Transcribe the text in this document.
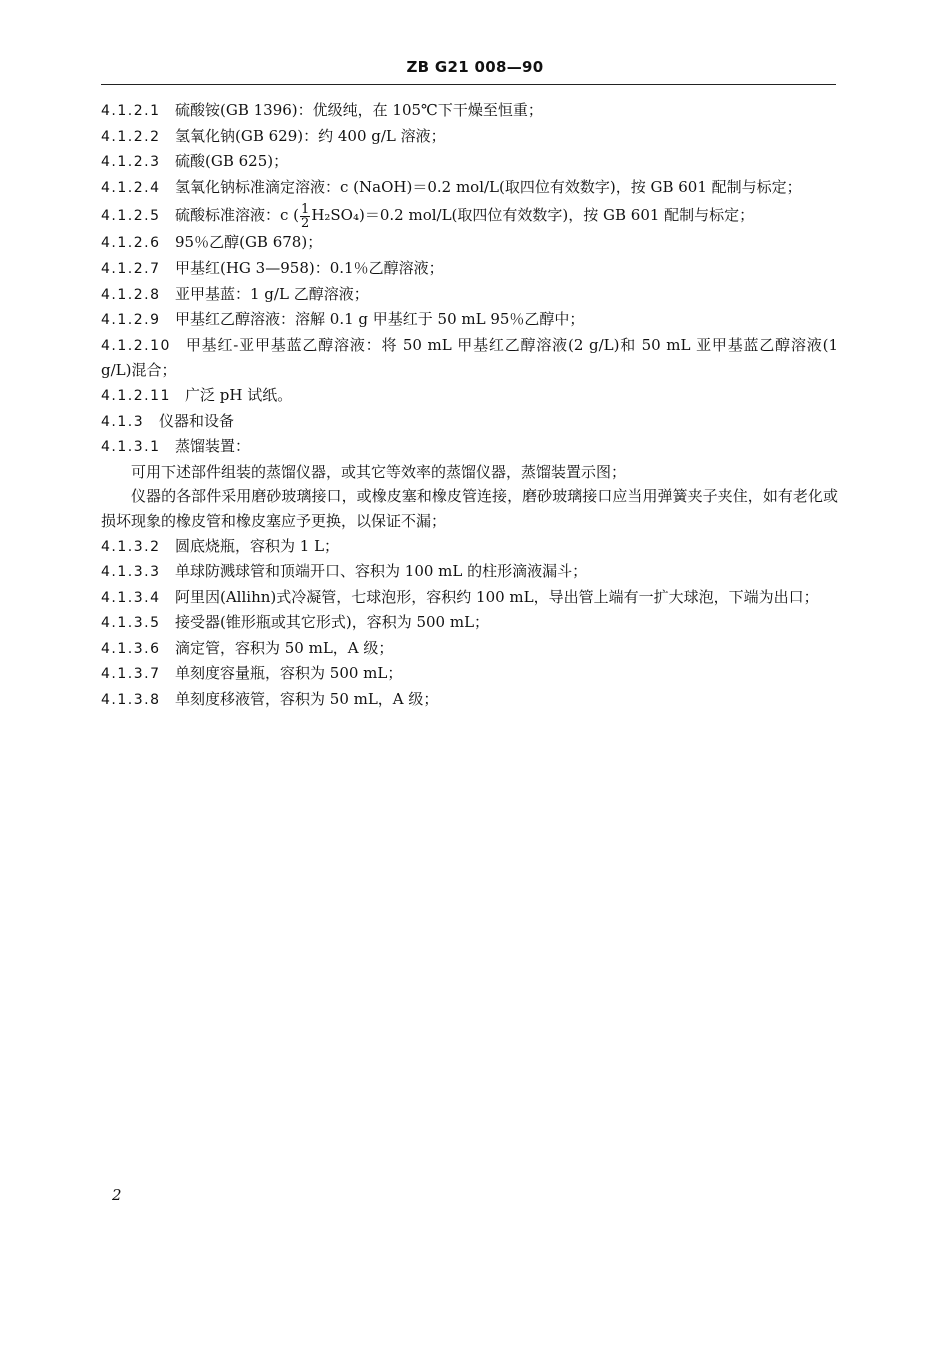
ZB G21 008—90
4.1.2.1 硫酸铵(GB 1396)：优级纯，在 105℃下干燥至恒重；
4.1.2.2 氢氧化钠(GB 629)：约 400 g/L 溶液；
4.1.2.3 硫酸(GB 625)；
4.1.2.4 氢氧化钠标准滴定溶液：c (NaOH)＝0.2 mol/L(取四位有效数字)，按 GB 601 配制与标定；
4.1.2.5 硫酸标准溶液：c ( $\frac{1}{2} H_2SO_4)=0.2$ mol/L(取四位有效数字)，按 GB 601 配制与标定；
4.1.2.6 95％乙醇(GB 678)；
4.1.2.7 甲基红(HG 3—958)：0.1％乙醇溶液；
4.1.2.8 亚甲基蓝：1 g/L 乙醇溶液；
4.1.2.9 甲基红乙醇溶液：溶解 0.1 g 甲基红于 50 mL 95％乙醇中；
4.1.2.10 甲基红-亚甲基蓝乙醇溶液：将 50 mL 甲基红乙醇溶液(2 g/L)和 50 mL 亚甲基蓝乙醇溶液(1 g/L)混合；
4.1.2.11 广泛 pH 试纸。
4.1.3 仪器和设备
4.1.3.1 蒸馏装置：
可用下述部件组装的蒸馏仪器，或其它等效率的蒸馏仪器，蒸馏装置示图；
仪器的各部件采用磨砂玻璃接口，或橡皮塞和橡皮管连接，磨砂玻璃接口应当用弹簧夹子夹住，如有老化或损坏现象的橡皮管和橡皮塞应予更换，以保证不漏；
4.1.3.2 圆底烧瓶，容积为 1 L；
4.1.3.3 单球防溅球管和顶端开口、容积为 100 mL 的柱形滴液漏斗；
4.1.3.4 阿里因(Allihn)式冷凝管，七球泡形，容积约 100 mL，导出管上端有一扩大球泡，下端为出口；
4.1.3.5 接受器(锥形瓶或其它形式)，容积为 500 mL；
4.1.3.6 滴定管，容积为 50 mL，A 级；
4.1.3.7 单刻度容量瓶，容积为 500 mL；
4.1.3.8 单刻度移液管，容积为 50 mL，A 级；
2
